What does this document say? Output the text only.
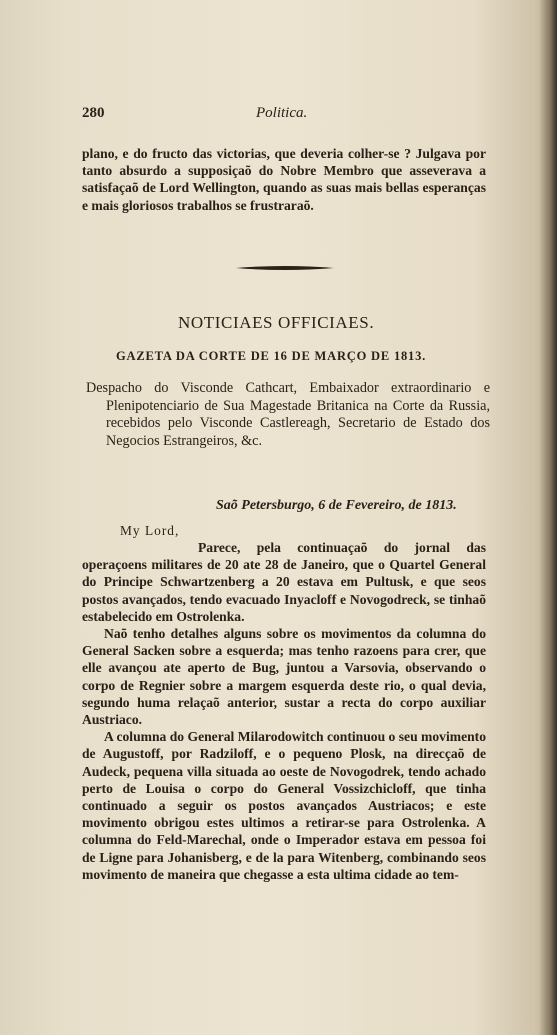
280	Politica.

plano, e do fructo das victorias, que deveria colher-se ? Julgava por tanto absurdo a supposiçaõ do Nobre Membro que asseverava a satisfaçaõ de Lord Wellington, quando as suas mais bellas esperanças e mais gloriosos trabalhos se frustraraõ.

NOTICIAES OFFICIAES.
GAZETA DA CORTE DE 16 DE MARÇO DE 1813.
Despacho do Visconde Cathcart, Embaixador extraordinario e Plenipotenciario de Sua Magestade Britanica na Corte da Russia, recebidos pelo Visconde Castlereagh, Secretario de Estado dos Negocios Estrangeiros, &c.
Saõ Petersburgo, 6 de Fevereiro, de 1813.
My Lord,

Parece, pela continuaçaõ do jornal das operaçoens militares de 20 ate 28 de Janeiro, que o Quartel General do Principe Schwartzenberg a 20 estava em Pultusk, e que seos postos avançados, tendo evacuado Inyacloff e Novogodreck, se tinhaõ estabelecido em Ostrolenka.

Naõ tenho detalhes alguns sobre os movimentos da columna do General Sacken sobre a esquerda; mas tenho razoens para crer, que elle avançou ate aperto de Bug, juntou a Varsovia, observando o corpo de Regnier sobre a margem esquerda deste rio, o qual devia, segundo huma relaçaõ anterior, sustar a recta do corpo auxiliar Austriaco.

A columna do General Milarodowitch continuou o seu movimento de Augustoff, por Radziloff, e o pequeno Plosk, na direcçaõ de Audeck, pequena villa situada ao oeste de Novogodrek, tendo achado perto de Louisa o corpo do General Vossizchicloff, que tinha continuado a seguir os postos avançados Austriacos; e este movimento obrigou estes ultimos a retirar-se para Ostrolenka. A columna do Feld-Marechal, onde o Imperador estava em pessoa foi de Ligne para Johanisberg, e de la para Witenberg, combinando seos movimento de maneira que chegasse a esta ultima cidade ao tem-
